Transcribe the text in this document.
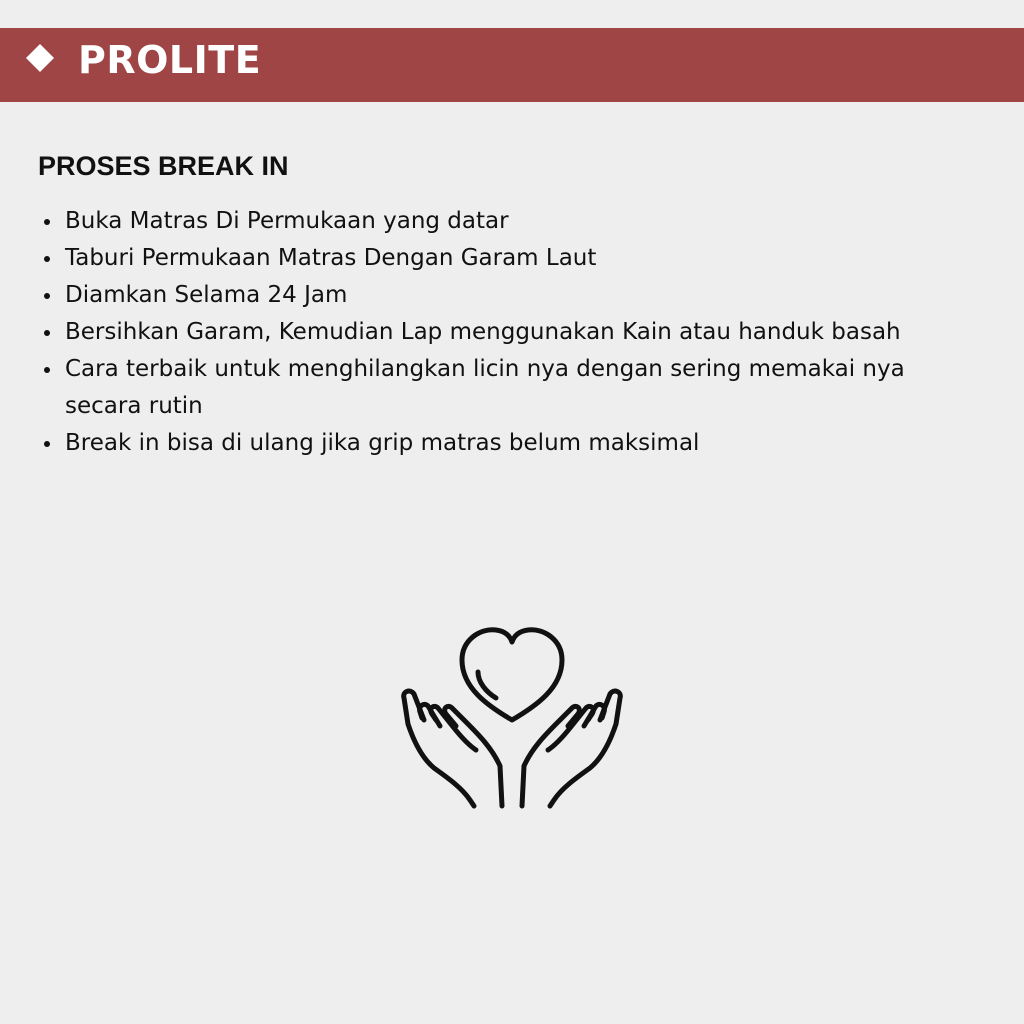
PROLITE
PROSES BREAK IN
Buka Matras Di Permukaan yang datar
Taburi Permukaan Matras Dengan Garam Laut
Diamkan Selama 24 Jam
Bersihkan Garam, Kemudian Lap menggunakan Kain atau handuk basah
Cara terbaik untuk menghilangkan licin nya dengan sering memakai nya secara rutin
Break in bisa di ulang jika grip matras belum maksimal
